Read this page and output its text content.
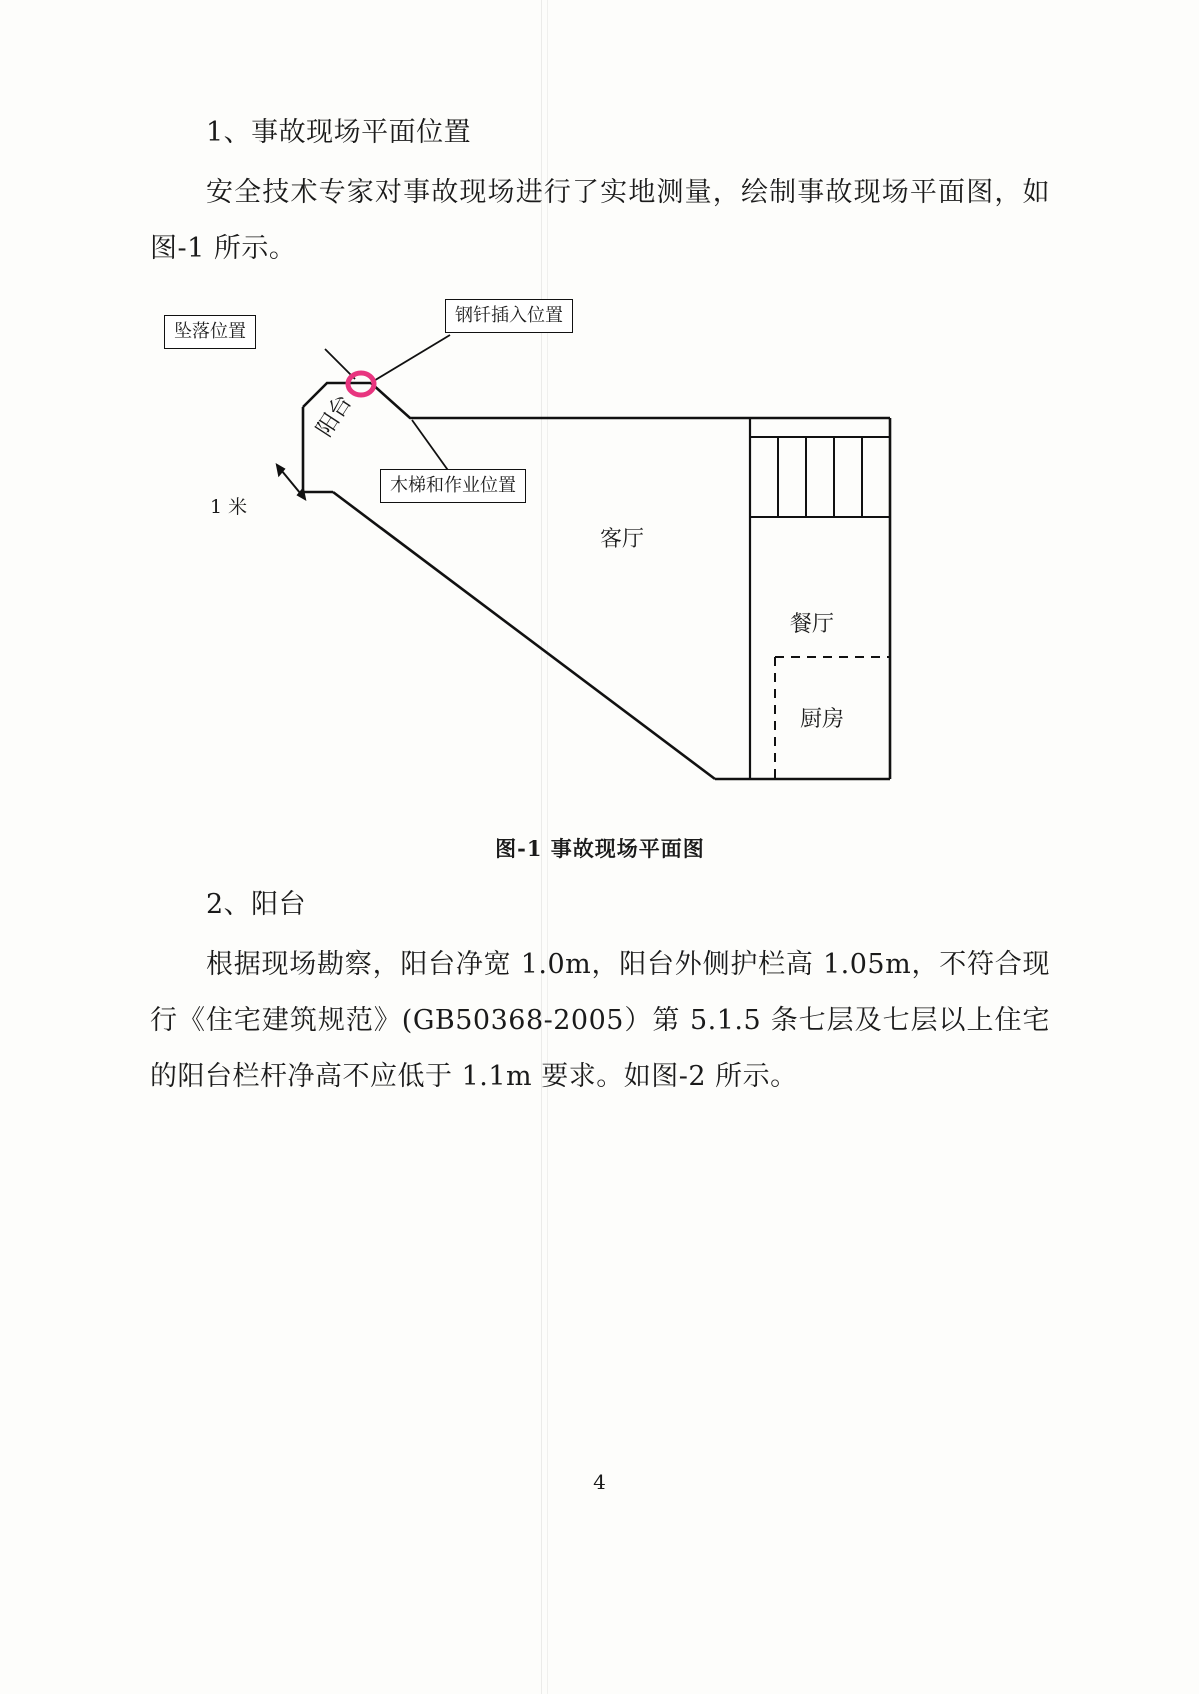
1、事故现场平面位置

安全技术专家对事故现场进行了实地测量，绘制事故现场平面图，如图-1 所示。

坠落位置
钢钎插入位置
木梯和作业位置
阳台
1 米
客厅
餐厅
厨房
图-1 事故现场平面图
2、阳台

根据现场勘察，阳台净宽 1.0m，阳台外侧护栏高 1.05m，不符合现行《住宅建筑规范》(GB50368-2005）第 5.1.5 条七层及七层以上住宅的阳台栏杆净高不应低于 1.1m 要求。如图-2 所示。

4
